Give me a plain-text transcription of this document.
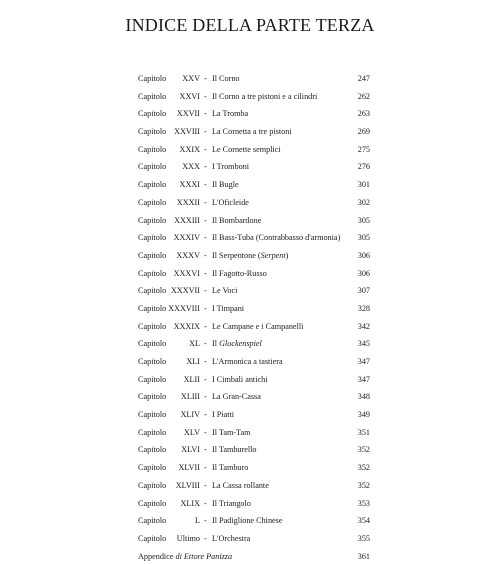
INDICE DELLA PARTE TERZA
Capitolo XXV - Il Corno	247
Capitolo XXVI - Il Corno a tre pistoni e a cilindri	262
Capitolo XXVII - La Tromba	263
Capitolo XXVIII - La Cornetta a tre pistoni	269
Capitolo XXIX - Le Cornette semplici	275
Capitolo XXX - I Tromboni	276
Capitolo XXXI - Il Bugle	301
Capitolo XXXII - L'Oficleide	302
Capitolo XXXIII - Il Bombardone	305
Capitolo XXXIV - Il Bass-Tuba (Contrabbasso d'armonia) 305
Capitolo XXXV - Il Serpentone (Serpent)	306
Capitolo XXXVI - Il Fagotto-Russo	306
Capitolo XXXVII - Le Voci	307
Capitolo XXXVIII - I Timpani	328
Capitolo XXXIX - Le Campane e i Campanelli	342
Capitolo	XL - Il Glockenspiel	345
Capitolo XLI - L'Armonica a tastiera	347
Capitolo XLII - I Cimbali antichi	347
Capitolo XLIII - La Gran-Cassa	348
Capitolo XLIV - I Piatti	349
Capitolo XLV - Il Tam-Tam	351
Capitolo XLVI - Il Tamburello	352
Capitolo XLVII - Il Tamburo	352
Capitolo XLVIII - La Cassa rollante	352
Capitolo XLIX - Il Triangolo	353
Capitolo	L - Il Padiglione Chinese	354
Capitolo Ultimo - L'Orchestra	355
Appendice di Ettore Panizza	361
